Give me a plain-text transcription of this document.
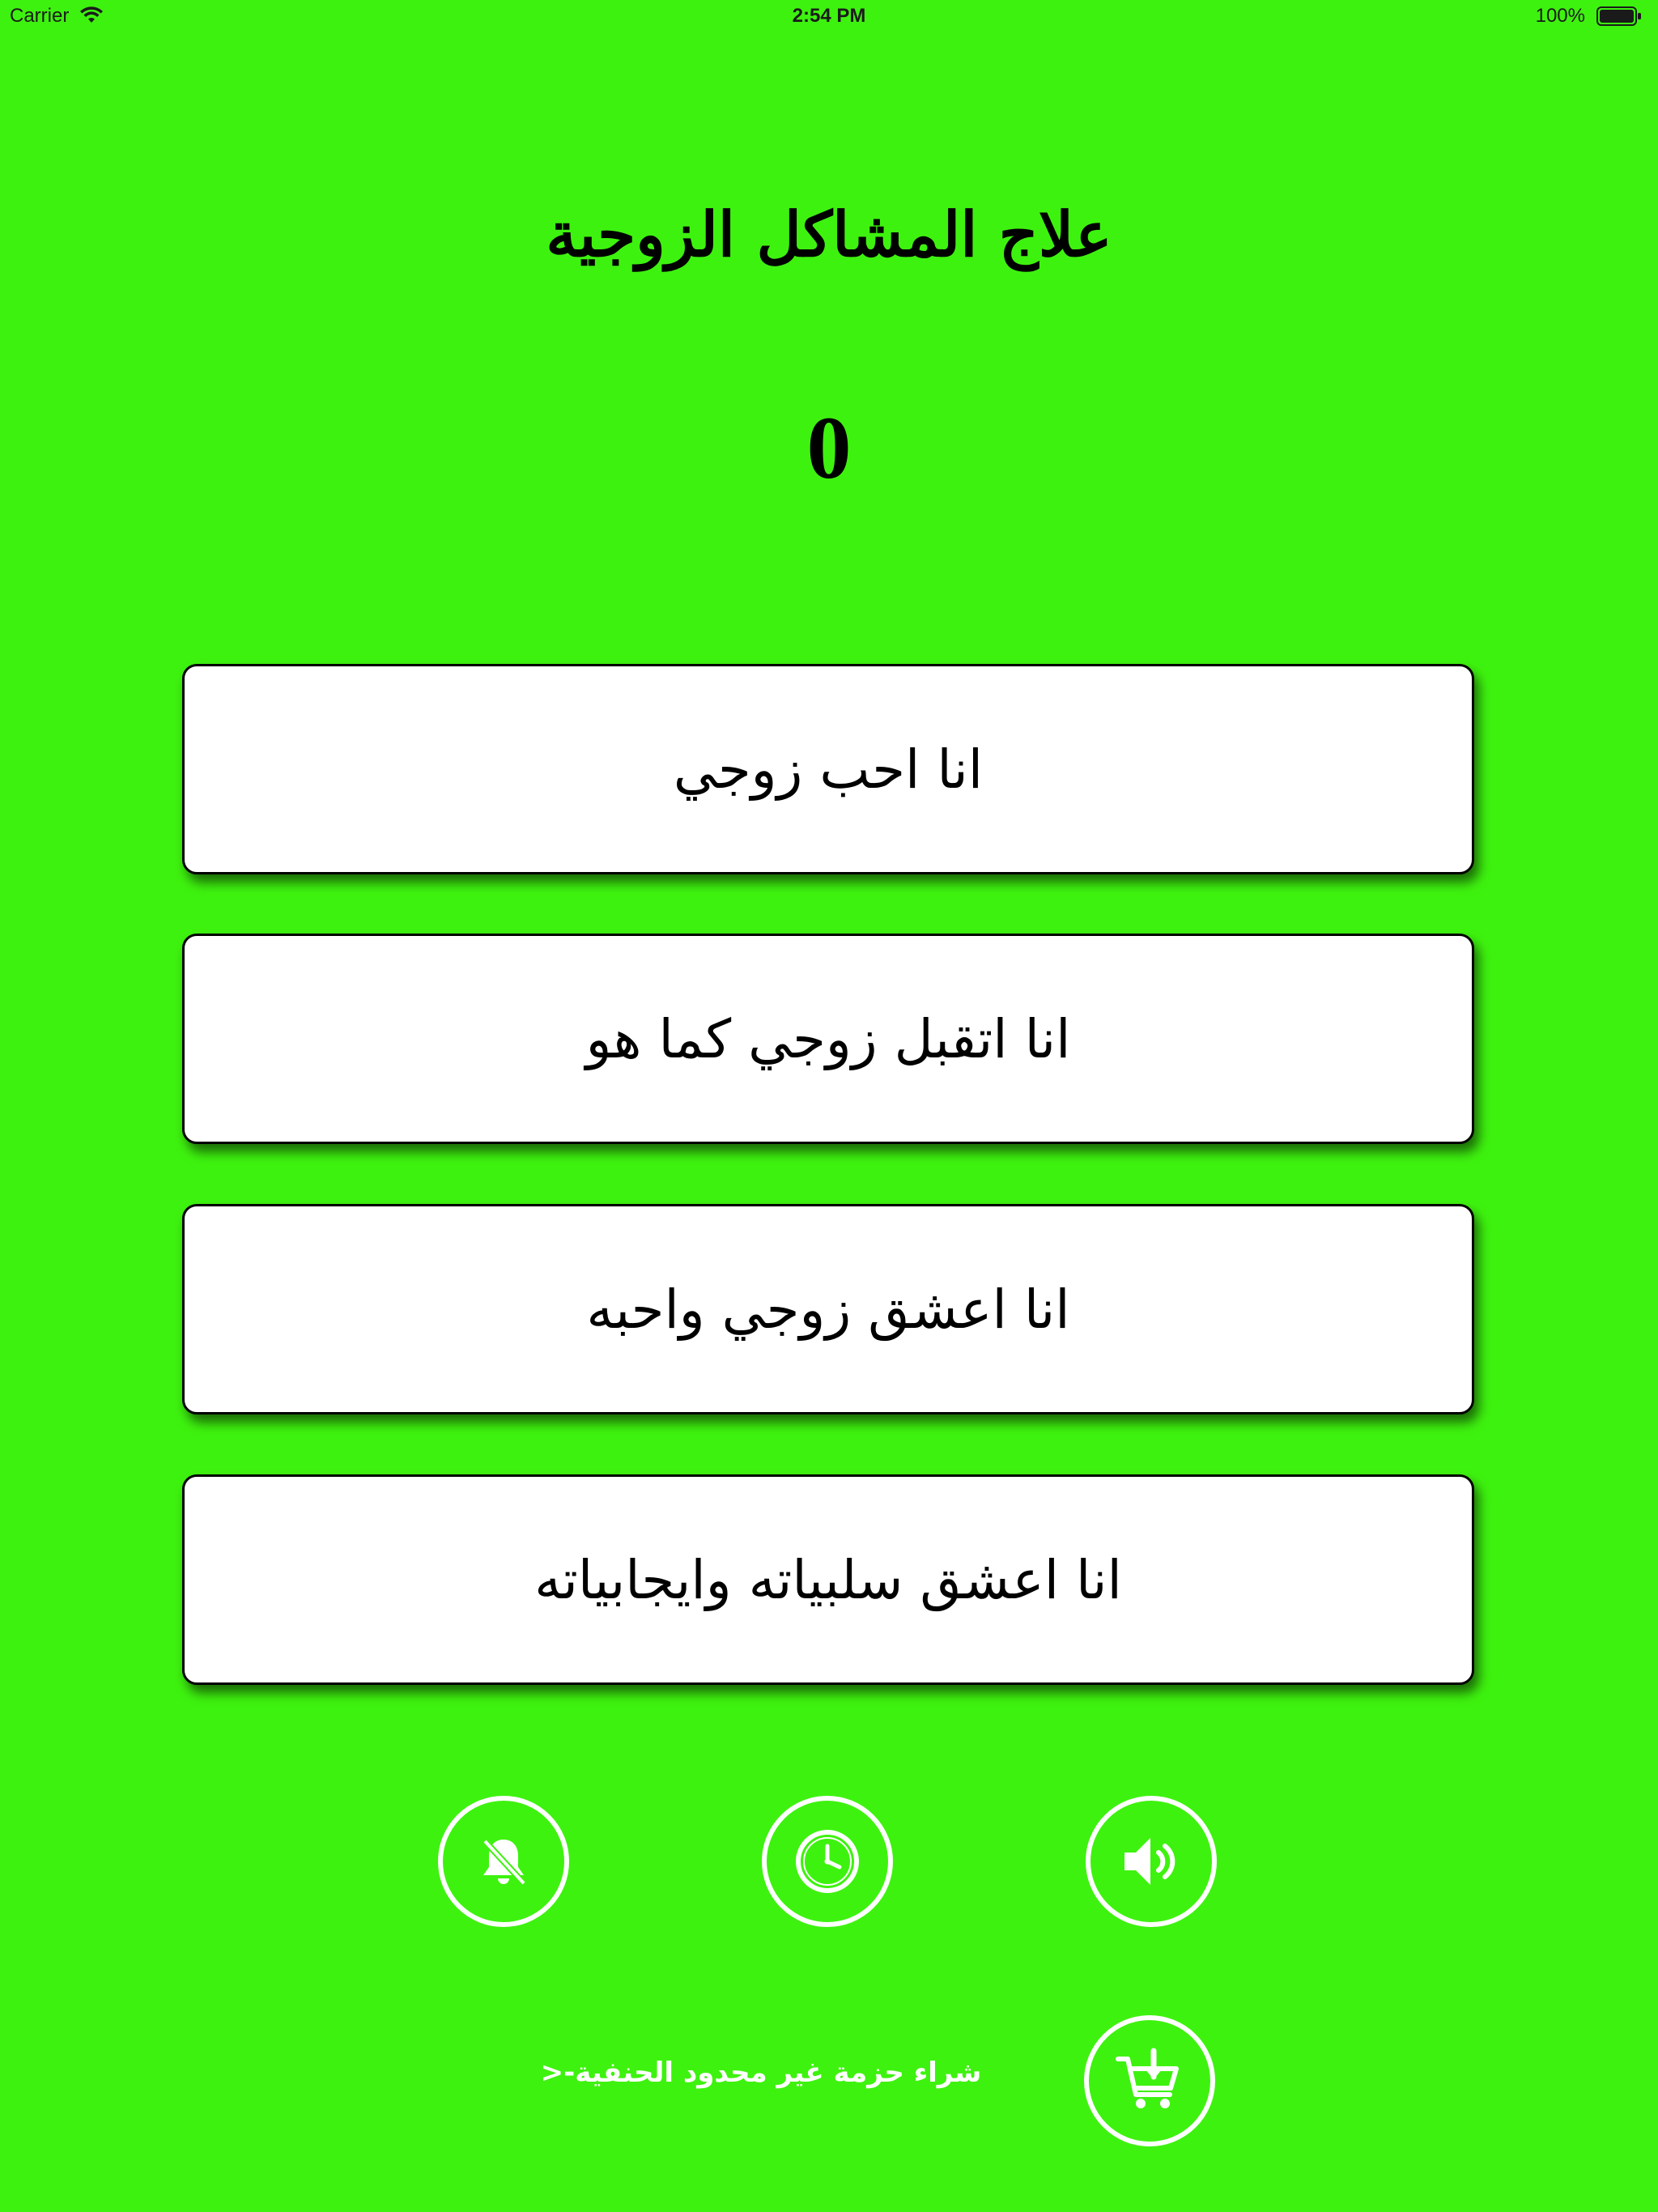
Carrier	2:54 PM	100%
علاج المشاكل الزوجية
0
انا احب زوجي
انا اتقبل زوجي كما هو
انا اعشق زوجي واحبه
انا اعشق سلبياته وايجابياته
شراء حزمة غير محدود الحنفية-<
